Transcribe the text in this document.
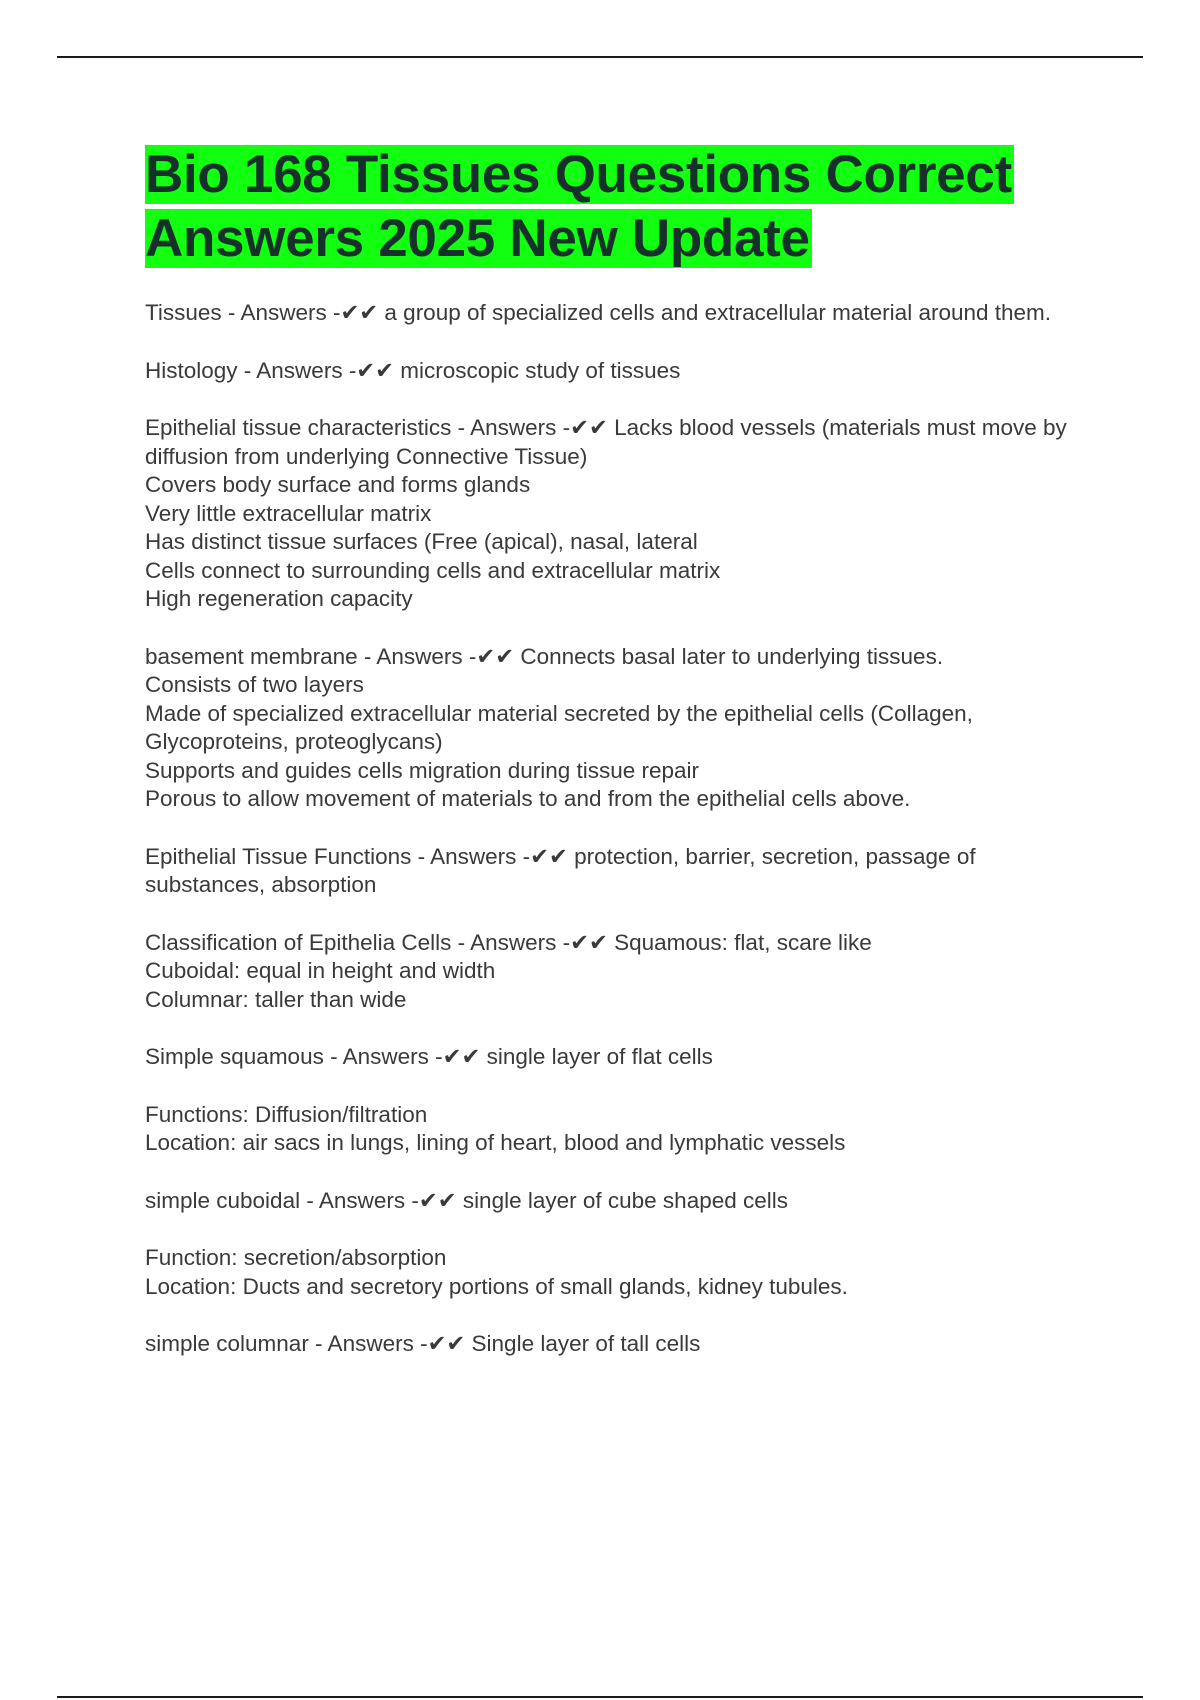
Bio 168 Tissues Questions Correct Answers 2025 New Update

Tissues - Answers -✔✔ a group of specialized cells and extracellular material around them.

Histology - Answers -✔✔ microscopic study of tissues

Epithelial tissue characteristics - Answers -✔✔ Lacks blood vessels (materials must move by diffusion from underlying Connective Tissue)

Covers body surface and forms glands

Very little extracellular matrix

Has distinct tissue surfaces (Free (apical), nasal, lateral

Cells connect to surrounding cells and extracellular matrix

High regeneration capacity

basement membrane - Answers -✔✔ Connects basal later to underlying tissues.

Consists of two layers

Made of specialized extracellular material secreted by the epithelial cells (Collagen, Glycoproteins, proteoglycans)

Supports and guides cells migration during tissue repair

Porous to allow movement of materials to and from the epithelial cells above.

Epithelial Tissue Functions - Answers -✔✔ protection, barrier, secretion, passage of substances, absorption

Classification of Epithelia Cells - Answers -✔✔ Squamous: flat, scare like

Cuboidal: equal in height and width

Columnar: taller than wide

Simple squamous - Answers -✔✔ single layer of flat cells

Functions: Diffusion/filtration

Location: air sacs in lungs, lining of heart, blood and lymphatic vessels

simple cuboidal - Answers -✔✔ single layer of cube shaped cells

Function: secretion/absorption

Location: Ducts and secretory portions of small glands, kidney tubules.

simple columnar - Answers -✔✔ Single layer of tall cells
